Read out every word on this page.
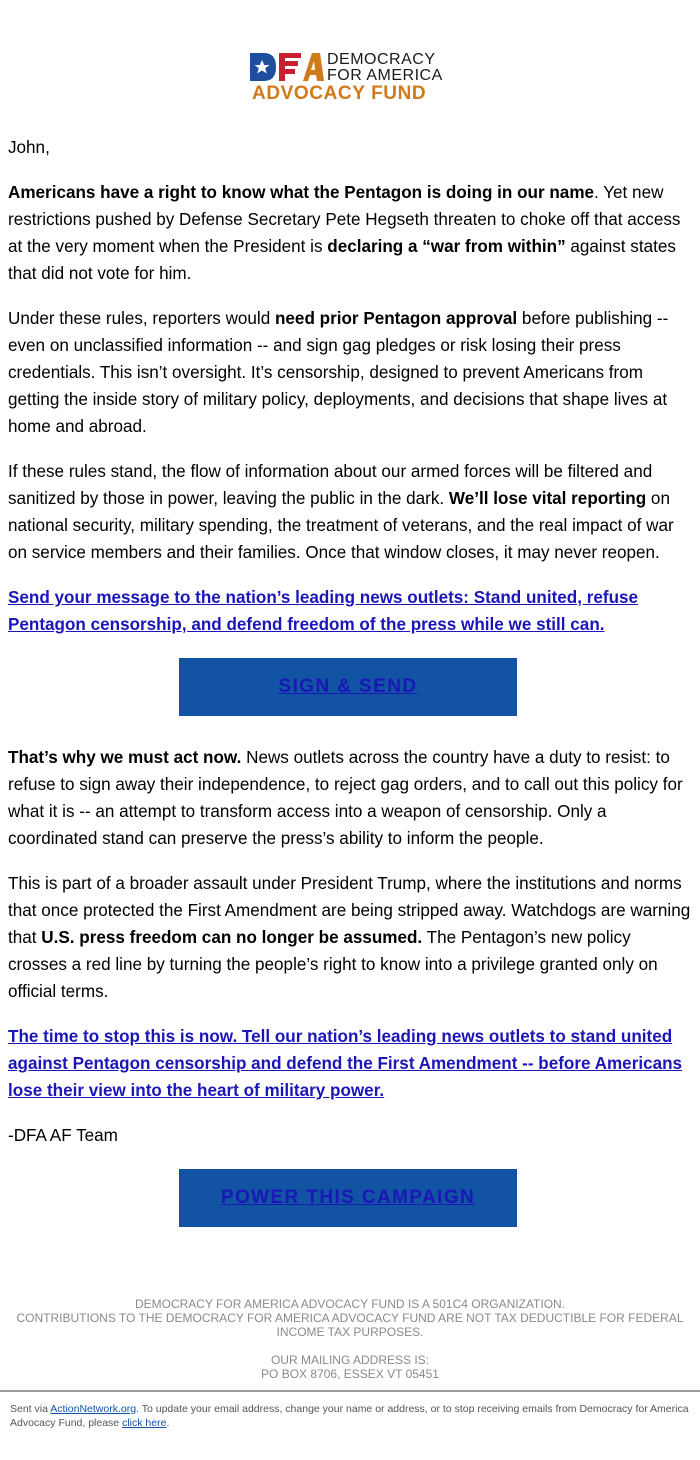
DEMOCRACY
FOR AMERICA
ADVOCACY FUND

John,

Americans have a right to know what the Pentagon is doing in our name. Yet new restrictions pushed by Defense Secretary Pete Hegseth threaten to choke off that access at the very moment when the President is declaring a “war from within” against states that did not vote for him.

Under these rules, reporters would need prior Pentagon approval before publishing -- even on unclassified information -- and sign gag pledges or risk losing their press credentials. This isn’t oversight. It’s censorship, designed to prevent Americans from getting the inside story of military policy, deployments, and decisions that shape lives at home and abroad.

If these rules stand, the flow of information about our armed forces will be filtered and sanitized by those in power, leaving the public in the dark. We’ll lose vital reporting on national security, military spending, the treatment of veterans, and the real impact of war on service members and their families. Once that window closes, it may never reopen.

Send your message to the nation’s leading news outlets: Stand united, refuse Pentagon censorship, and defend freedom of the press while we still can.

SIGN & SEND

That’s why we must act now. News outlets across the country have a duty to resist: to refuse to sign away their independence, to reject gag orders, and to call out this policy for what it is -- an attempt to transform access into a weapon of censorship. Only a coordinated stand can preserve the press’s ability to inform the people.

This is part of a broader assault under President Trump, where the institutions and norms that once protected the First Amendment are being stripped away. Watchdogs are warning that U.S. press freedom can no longer be assumed. The Pentagon’s new policy crosses a red line by turning the people’s right to know into a privilege granted only on official terms.

The time to stop this is now. Tell our nation’s leading news outlets to stand united against Pentagon censorship and defend the First Amendment -- before Americans lose their view into the heart of military power.

-DFA AF Team

POWER THIS CAMPAIGN

DEMOCRACY FOR AMERICA ADVOCACY FUND IS A 501C4 ORGANIZATION.

CONTRIBUTIONS TO THE DEMOCRACY FOR AMERICA ADVOCACY FUND ARE NOT TAX DEDUCTIBLE FOR FEDERAL INCOME TAX PURPOSES.

OUR MAILING ADDRESS IS:

PO BOX 8706, ESSEX VT 05451

Sent via ActionNetwork.org. To update your email address, change your name or address, or to stop receiving emails from Democracy for America Advocacy Fund, please click here.
